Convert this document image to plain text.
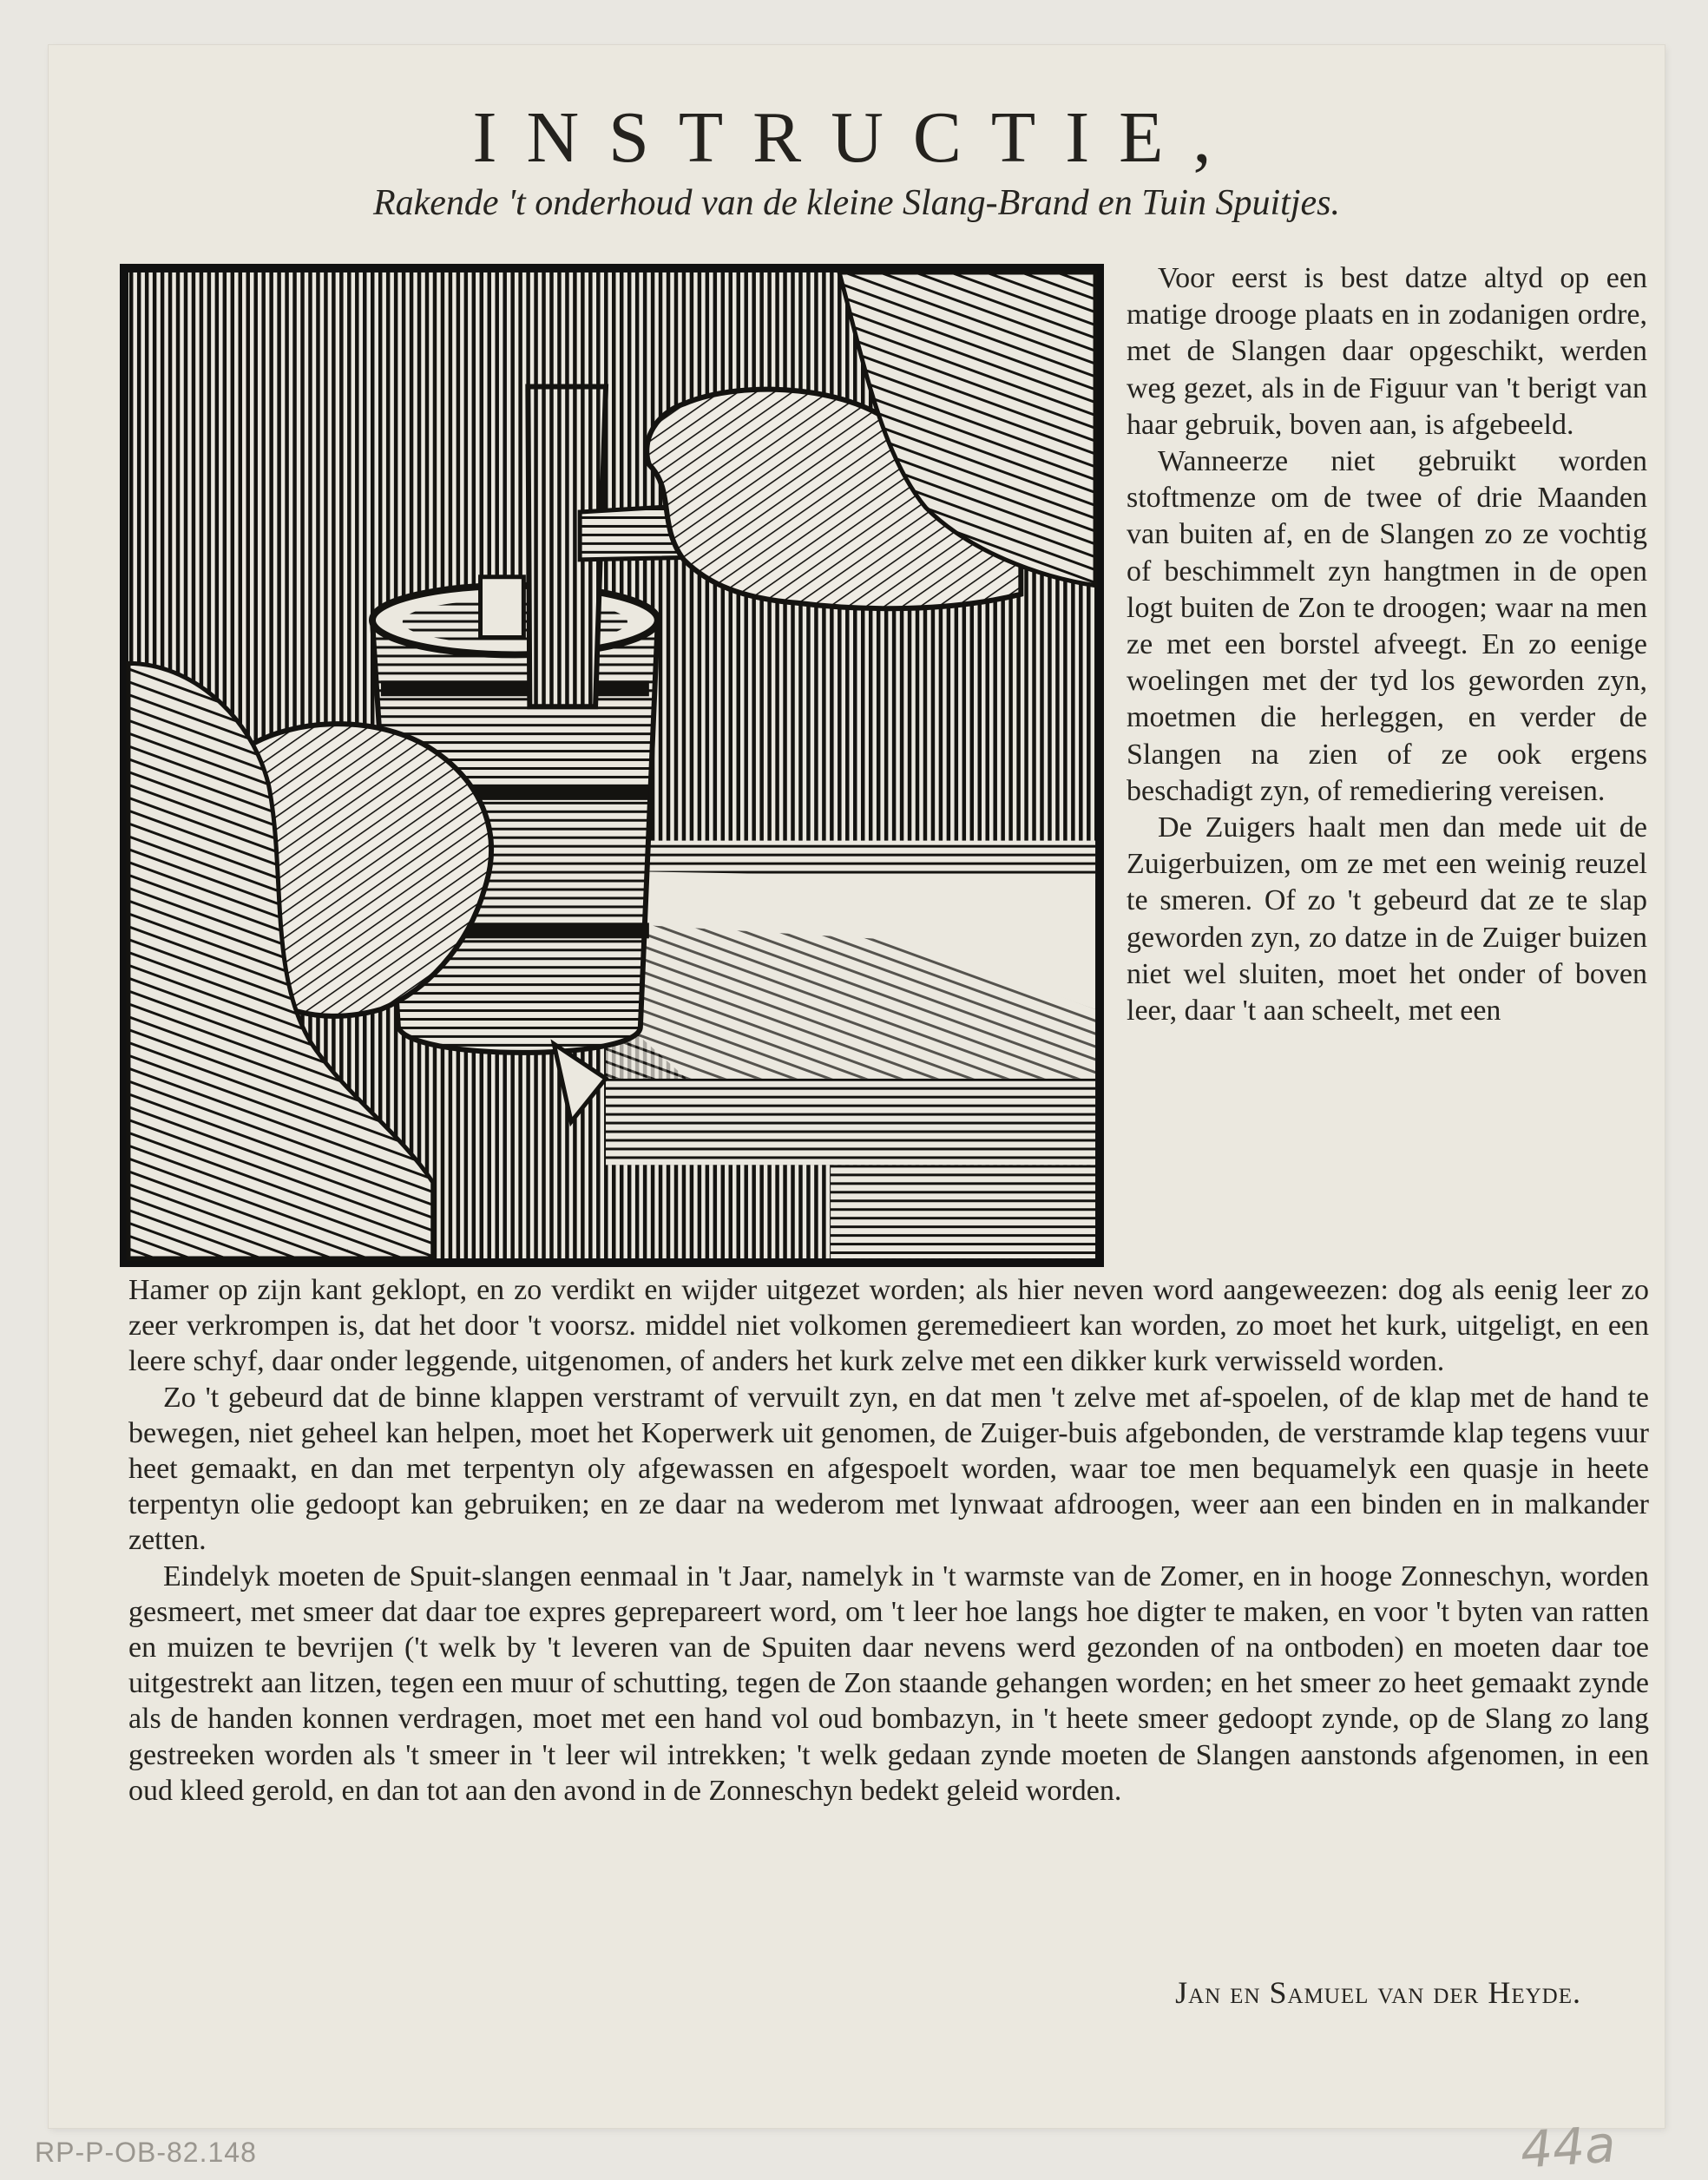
INSTRUCTIE,
Rakende 't onderhoud van de kleine Slang-Brand en Tuin Spuitjes.

Voor eerst is best datze altyd op een matige drooge plaats en in zodanigen ordre, met de Slangen daar opgeschikt, werden weg gezet, als in de Figuur van 't berigt van haar gebruik, boven aan, is afgebeeld.

Wanneerze niet gebruikt worden stoftmenze om de twee of drie Maanden van buiten af, en de Slangen zo ze vochtig of beschimmelt zyn hangtmen in de open logt buiten de Zon te droogen; waar na men ze met een borstel afveegt. En zo eenige woelingen met der tyd los geworden zyn, moetmen die herleggen, en verder de Slangen na zien of ze ook ergens beschadigt zyn, of remediering vereisen.

De Zuigers haalt men dan mede uit de Zuigerbuizen, om ze met een weinig reuzel te smeren. Of zo 't gebeurd dat ze te slap geworden zyn, zo datze in de Zuiger buizen niet wel sluiten, moet het onder of boven leer, daar 't aan scheelt, met een

Hamer op zijn kant geklopt, en zo verdikt en wijder uitgezet worden; als hier neven word aangeweezen: dog als eenig leer zo zeer verkrompen is, dat het door 't voorsz. middel niet volkomen geremedieert kan worden, zo moet het kurk, uitgeligt, en een leere schyf, daar onder leggende, uitgenomen, of anders het kurk zelve met een dikker kurk verwisseld worden.

Zo 't gebeurd dat de binne klappen verstramt of vervuilt zyn, en dat men 't zelve met af-spoelen, of de klap met de hand te bewegen, niet geheel kan helpen, moet het Koperwerk uit genomen, de Zuiger-buis afgebonden, de verstramde klap tegens vuur heet gemaakt, en dan met terpentyn oly afgewassen en afgespoelt worden, waar toe men bequamelyk een quasje in heete terpentyn olie gedoopt kan gebruiken; en ze daar na wederom met lynwaat afdroogen, weer aan een binden en in malkander zetten.

Eindelyk moeten de Spuit-slangen eenmaal in 't Jaar, namelyk in 't warmste van de Zomer, en in hooge Zonneschyn, worden gesmeert, met smeer dat daar toe expres geprepareert word, om 't leer hoe langs hoe digter te maken, en voor 't byten van ratten en muizen te bevrijen ('t welk by 't leveren van de Spuiten daar nevens werd gezonden of na ontboden) en moeten daar toe uitgestrekt aan litzen, tegen een muur of schutting, tegen de Zon staande gehangen worden; en het smeer zo heet gemaakt zynde als de handen konnen verdragen, moet met een hand vol oud bombazyn, in 't heete smeer gedoopt zynde, op de Slang zo lang gestreeken worden als 't smeer in 't leer wil intrekken; 't welk gedaan zynde moeten de Slangen aanstonds afgenomen, in een oud kleed gerold, en dan tot aan den avond in de Zonneschyn bedekt geleid worden.

Jan en Samuel van der Heyde.
RP-P-OB-82.148	44a
